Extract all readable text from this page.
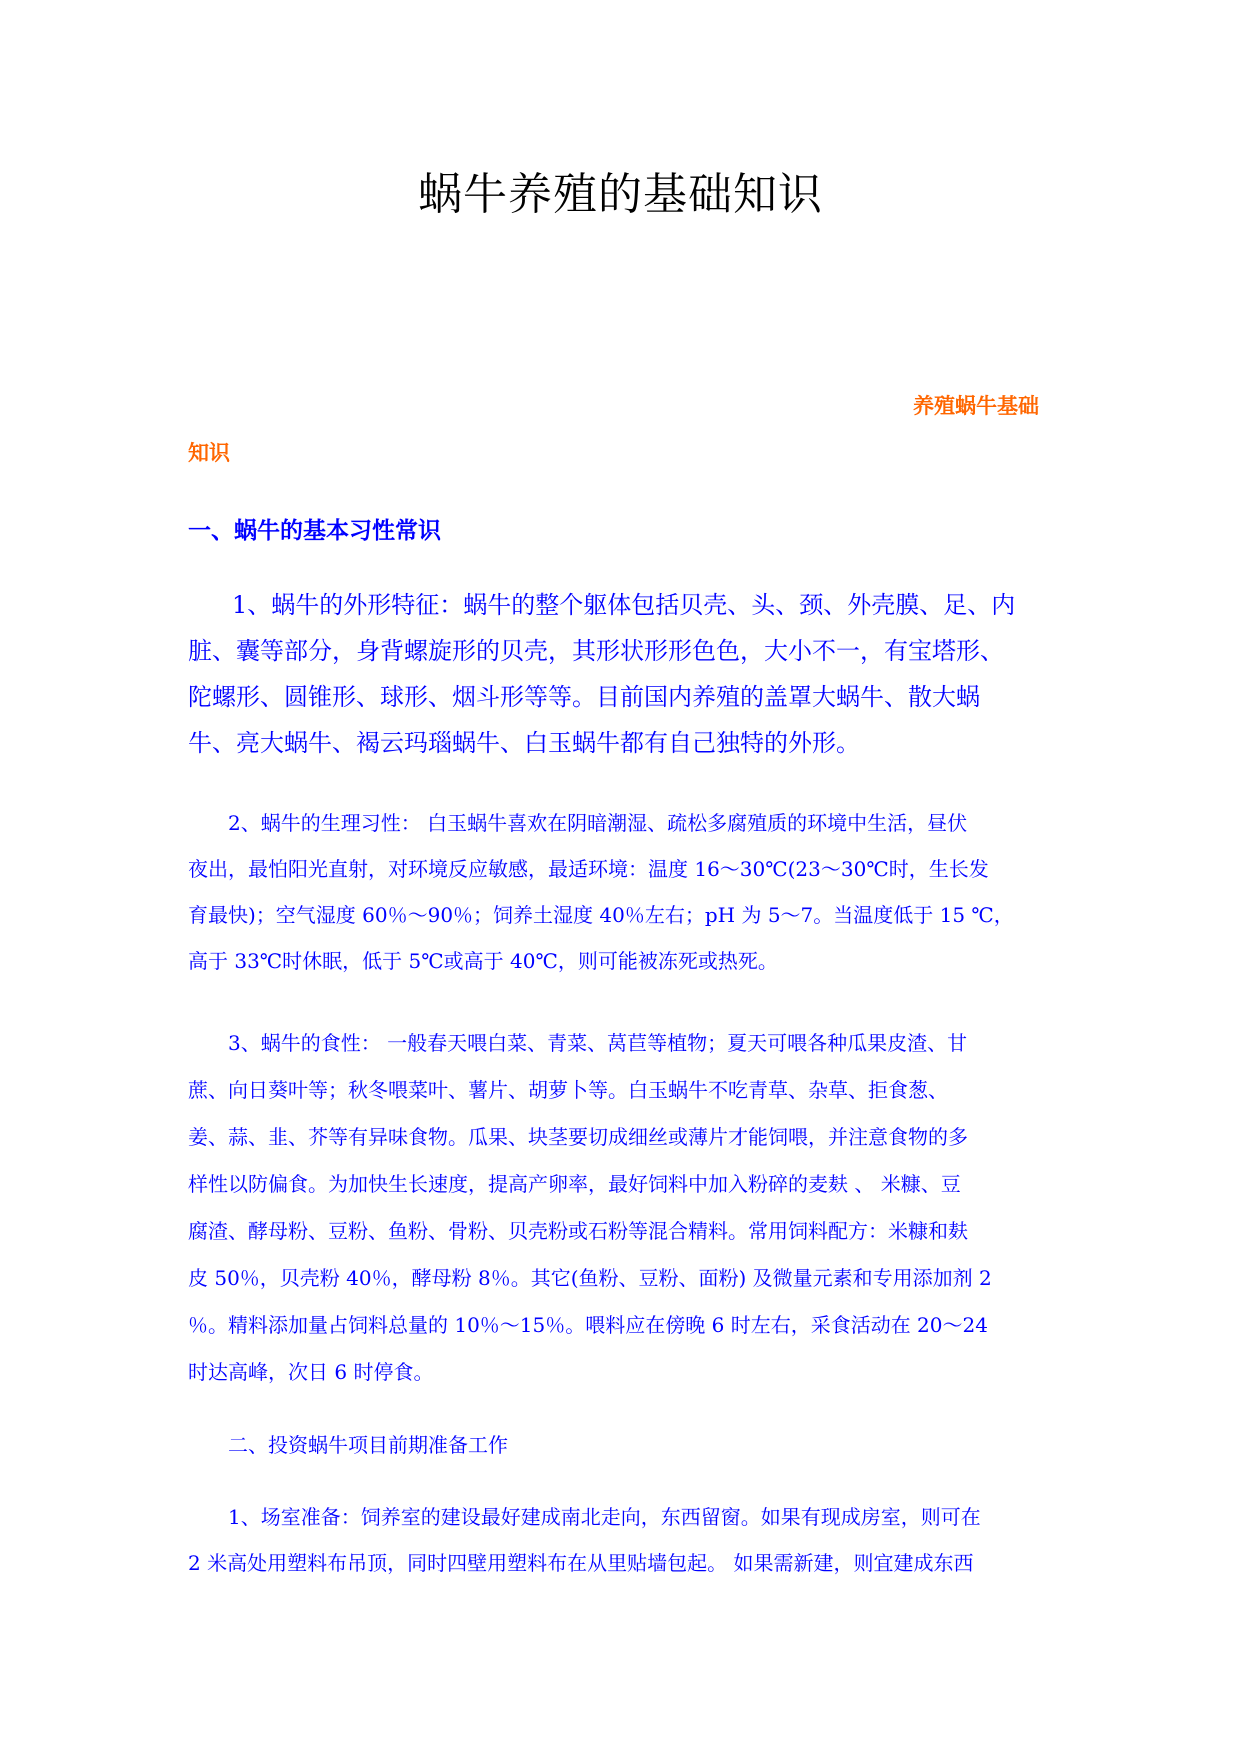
蜗牛养殖的基础知识
养殖蜗牛基础
知识
一、蜗牛的基本习性常识

1、蜗牛的外形特征：蜗牛的整个躯体包括贝壳、头、颈、外壳膜、足、内
脏、囊等部分，身背螺旋形的贝壳，其形状形形色色，大小不一，有宝塔形、
陀螺形、圆锥形、球形、烟斗形等等。目前国内养殖的盖罩大蜗牛、散大蜗
牛、亮大蜗牛、褐云玛瑙蜗牛、白玉蜗牛都有自己独特的外形。

2、蜗牛的生理习性： 白玉蜗牛喜欢在阴暗潮湿、疏松多腐殖质的环境中生活，昼伏
夜出，最怕阳光直射，对环境反应敏感，最适环境：温度 16～30℃(23～30℃时，生长发
育最快)；空气湿度 60％～90％；饲养土湿度 40％左右；pH 为 5～7。当温度低于 15 ℃，
高于 33℃时休眠，低于 5℃或高于 40℃，则可能被冻死或热死。

3、蜗牛的食性： 一般春天喂白菜、青菜、莴苣等植物；夏天可喂各种瓜果皮渣、甘
蔗、向日葵叶等；秋冬喂菜叶、薯片、胡萝卜等。白玉蜗牛不吃青草、杂草、拒食葱、
姜、蒜、韭、芥等有异味食物。瓜果、块茎要切成细丝或薄片才能饲喂，并注意食物的多
样性以防偏食。为加快生长速度，提高产卵率，最好饲料中加入粉碎的麦麸 、 米糠、豆
腐渣、酵母粉、豆粉、鱼粉、骨粉、贝壳粉或石粉等混合精料。常用饲料配方：米糠和麸
皮 50％，贝壳粉 40％，酵母粉 8％。其它(鱼粉、豆粉、面粉) 及微量元素和专用添加剂 2
％。精料添加量占饲料总量的 10％～15％。喂料应在傍晚 6 时左右，采食活动在 20～24
时达高峰，次日 6 时停食。

二、投资蜗牛项目前期准备工作

1、场室准备：饲养室的建设最好建成南北走向，东西留窗。如果有现成房室，则可在
2 米高处用塑料布吊顶，同时四壁用塑料布在从里贴墙包起。 如果需新建，则宜建成东西
